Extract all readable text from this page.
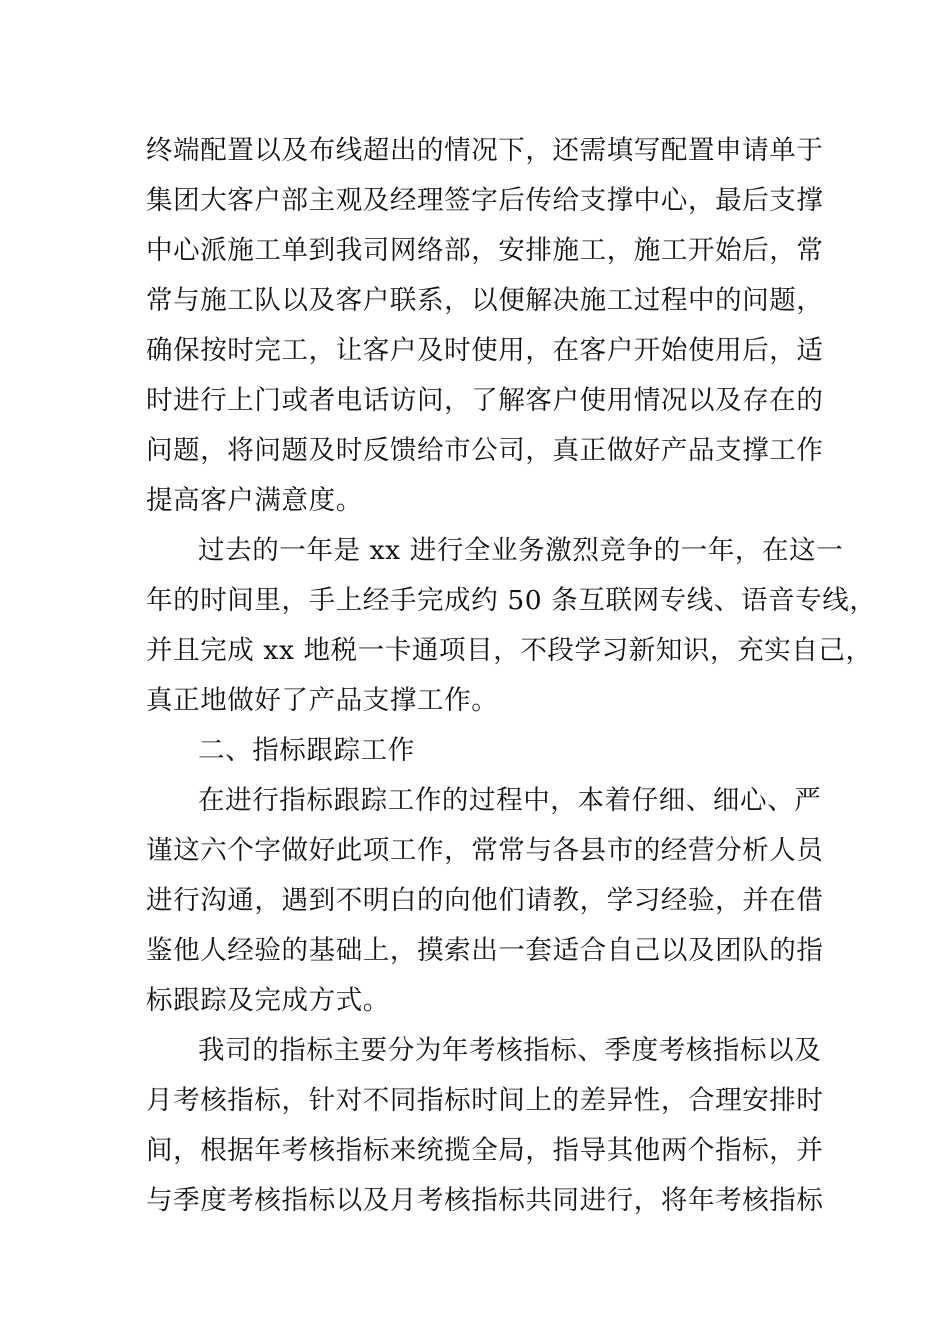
终端配置以及布线超出的情况下，还需填写配置申请单于
集团大客户部主观及经理签字后传给支撑中心，最后支撑
中心派施工单到我司网络部，安排施工，施工开始后，常
常与施工队以及客户联系，以便解决施工过程中的问题，
确保按时完工，让客户及时使用，在客户开始使用后，适
时进行上门或者电话访问，了解客户使用情况以及存在的
问题，将问题及时反馈给市公司，真正做好产品支撑工作
提高客户满意度。
过去的一年是 xx 进行全业务激烈竞争的一年，在这一
年的时间里，手上经手完成约 50 条互联网专线、语音专线，
并且完成 xx 地税一卡通项目，不段学习新知识，充实自己，
真正地做好了产品支撑工作。
二、指标跟踪工作
在进行指标跟踪工作的过程中，本着仔细、细心、严
谨这六个字做好此项工作，常常与各县市的经营分析人员
进行沟通，遇到不明白的向他们请教，学习经验，并在借
鉴他人经验的基础上，摸索出一套适合自己以及团队的指
标跟踪及完成方式。
我司的指标主要分为年考核指标、季度考核指标以及
月考核指标，针对不同指标时间上的差异性，合理安排时
间，根据年考核指标来统揽全局，指导其他两个指标，并
与季度考核指标以及月考核指标共同进行，将年考核指标
